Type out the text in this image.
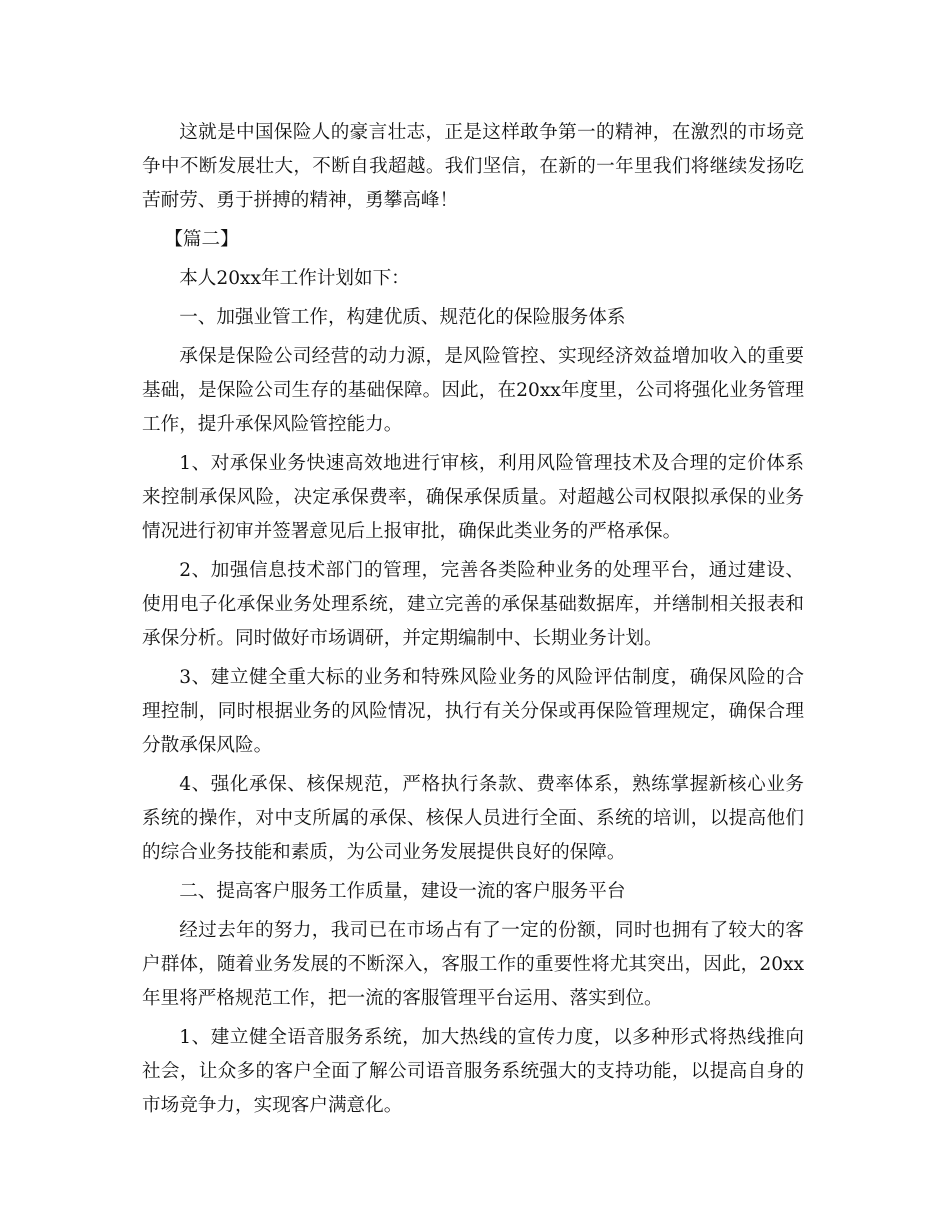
这就是中国保险人的豪言壮志，正是这样敢争第一的精神，在激烈的市场竞争中不断发展壮大，不断自我超越。我们坚信，在新的一年里我们将继续发扬吃苦耐劳、勇于拼搏的精神，勇攀高峰！

【篇二】

本人20xx年工作计划如下：

一、加强业管工作，构建优质、规范化的保险服务体系

承保是保险公司经营的动力源，是风险管控、实现经济效益增加收入的重要基础，是保险公司生存的基础保障。因此，在20xx年度里，公司将强化业务管理工作，提升承保风险管控能力。

1、对承保业务快速高效地进行审核，利用风险管理技术及合理的定价体系来控制承保风险，决定承保费率，确保承保质量。对超越公司权限拟承保的业务情况进行初审并签署意见后上报审批，确保此类业务的严格承保。

2、加强信息技术部门的管理，完善各类险种业务的处理平台，通过建设、使用电子化承保业务处理系统，建立完善的承保基础数据库，并缮制相关报表和承保分析。同时做好市场调研，并定期编制中、长期业务计划。

3、建立健全重大标的业务和特殊风险业务的风险评估制度，确保风险的合理控制，同时根据业务的风险情况，执行有关分保或再保险管理规定，确保合理分散承保风险。

4、强化承保、核保规范，严格执行条款、费率体系，熟练掌握新核心业务系统的操作，对中支所属的承保、核保人员进行全面、系统的培训，以提高他们的综合业务技能和素质，为公司业务发展提供良好的保障。

二、提高客户服务工作质量，建设一流的客户服务平台

经过去年的努力，我司已在市场占有了一定的份额，同时也拥有了较大的客户群体，随着业务发展的不断深入，客服工作的重要性将尤其突出，因此，20xx年里将严格规范工作，把一流的客服管理平台运用、落实到位。

1、建立健全语音服务系统，加大热线的宣传力度，以多种形式将热线推向社会，让众多的客户全面了解公司语音服务系统强大的支持功能，以提高自身的市场竞争力，实现客户满意化。
